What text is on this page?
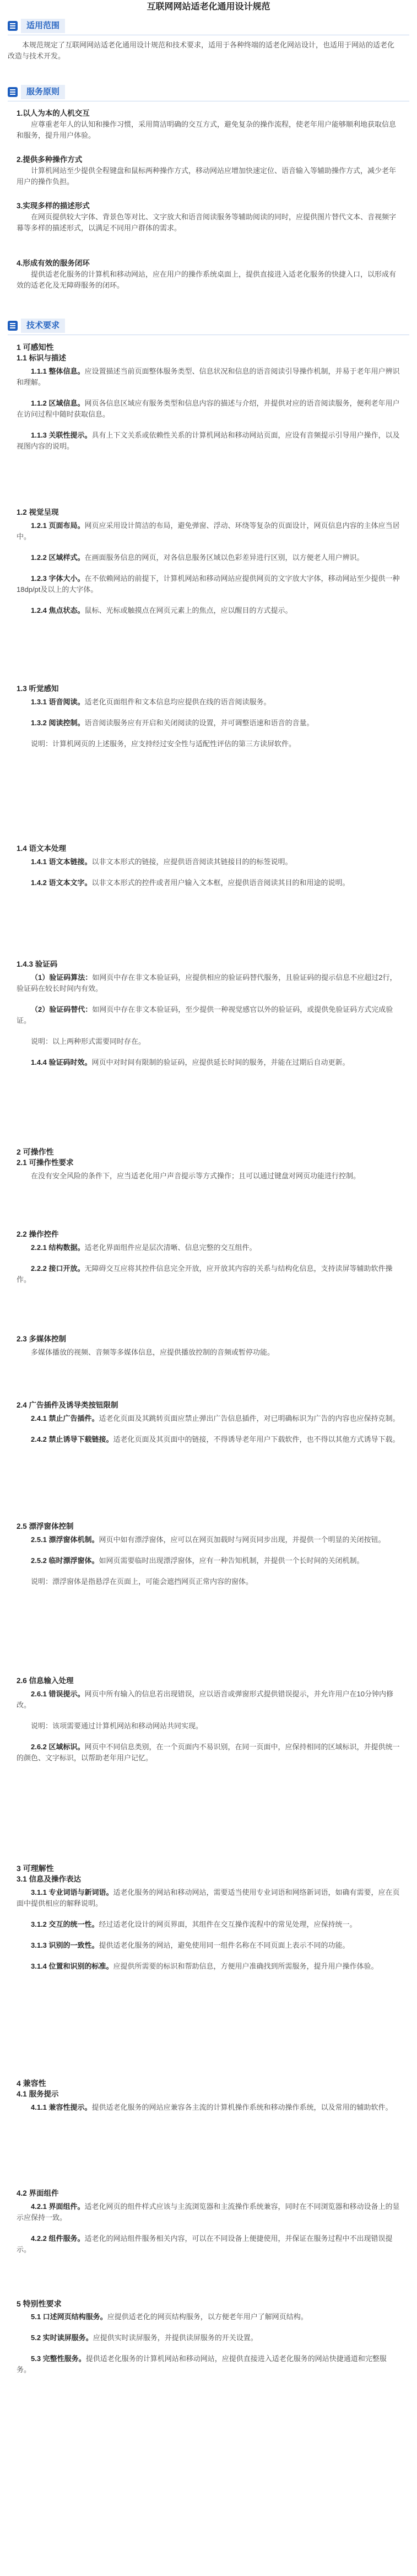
互联网网站适老化通用设计规范
适用范围
本规范规定了互联网网站适老化通用设计规范和技术要求，适用于各种终端的适老化网站设计，也适用于网站的适老化改造与技术开发。
服务原则
1.以人为本的人机交互
应尊重老年人的认知和操作习惯，采用简洁明确的交互方式，避免复杂的操作流程，使老年用户能够顺利地获取信息和服务，提升用户体验。
2.提供多种操作方式
计算机网站至少提供全程键盘和鼠标两种操作方式，移动网站应增加快速定位、语音输入等辅助操作方式，减少老年用户的操作负担。
3.实现多样的描述形式
在网页提供较大字体、背景色等对比、文字放大和语音阅读服务等辅助阅读的同时，应提供图片替代文本、音视频字幕等多样的描述形式，以满足不同用户群体的需求。
4.形成有效的服务闭环
提供适老化服务的计算机和移动网站，应在用户的操作系统桌面上，提供直接进入适老化服务的快捷入口，以形成有效的适老化及无障碍服务的闭环。
技术要求
1 可感知性
1.1 标识与描述
1.1.1 整体信息。应设置描述当前页面整体服务类型、信息状况和信息的语音阅读引导操作机制，并易于老年用户辨识和理解。
1.1.2 区域信息。网页各信息区域应有服务类型和信息内容的描述与介绍，并提供对应的语音阅读服务，便利老年用户在访问过程中随时获取信息。
1.1.3 关联性提示。具有上下文关系或依赖性关系的计算机网站和移动网站页面，应设有音频提示引导用户操作，以及视图内容的说明。
1.2 视觉呈现
1.2.1 页面布局。网页应采用设计简洁的布局，避免弹窗、浮动、环绕等复杂的页面设计，网页信息内容的主体应当居中。
1.2.2 区域样式。在画面服务信息的网页，对各信息服务区域以色彩差异进行区别，以方便老人用户辨识。
1.2.3 字体大小。在不依赖网站的前提下，计算机网站和移动网站应提供网页的文字放大字体，移动网站至少提供一种18dp/pt及以上的大字体。
1.2.4 焦点状态。鼠标、光标或触摸点在网页元素上的焦点，应以醒目的方式提示。
1.3 听觉感知
1.3.1 语音阅读。适老化页面组件和文本信息均应提供在线的语音阅读服务。
1.3.2 阅读控制。语音阅读服务应有开启和关闭阅读的设置，并可调整语速和语音的音量。
说明：计算机网页的上述服务，应支持经过安全性与适配性评估的第三方读屏软件。
1.4 语文本处理
1.4.1 语文本链接。以非文本形式的链接，应提供语音阅读其链接目的的标签说明。
1.4.2 语文本文字。以非文本形式的控件或者用户输入文本框，应提供语音阅读其目的和用途的说明。
1.4.3 验证码
（1）验证码算法：如网页中存在非文本验证码，应提供相应的验证码替代服务，且验证码的提示信息不应超过2行，验证码在较长时间内有效。
（2）验证码替代：如网页中存在非文本验证码，至少提供一种视觉感官以外的验证码，或提供免验证码方式完成验证。
说明：以上两种形式需要同时存在。
1.4.4 验证码时效。网页中对时间有限制的验证码，应提供延长时间的服务，并能在过期后自动更新。
2 可操作性
2.1 可操作性要求
在没有安全风险的条件下，应当适老化用户声音提示等方式操作；且可以通过键盘对网页功能进行控制。
2.2 操作控件
2.2.1 结构数据。适老化界面组件应是层次清晰、信息完整的交互组件。
2.2.2 接口开放。无障碍交互应将其控件信息完全开放，应开放其内容的关系与结构化信息，支持读屏等辅助软件操作。
2.3 多媒体控制
多媒体播放的视频、音频等多媒体信息，应提供播放控制的音频或暂停功能。
2.4 广告插件及诱导类按钮限制
2.4.1 禁止广告插件。适老化页面及其跳转页面应禁止弹出广告信息插件，对已明确标识为广告的内容也应保持克制。
2.4.2 禁止诱导下载链接。适老化页面及其页面中的链接，不得诱导老年用户下载软件，也不得以其他方式诱导下载。
2.5 漂浮窗体控制
2.5.1 漂浮窗体机制。网页中如有漂浮窗体，应可以在网页加载时与网页同步出现，并提供一个明显的关闭按钮。
2.5.2 临时漂浮窗体。如网页需要临时出现漂浮窗体，应有一种告知机制，并提供一个长时间的关闭机制。
说明：漂浮窗体是指悬浮在页面上，可能会遮挡网页正常内容的窗体。
2.6 信息输入处理
2.6.1 错误提示。网页中所有输入的信息若出现错误，应以语音或弹窗形式提供错误提示，并允许用户在10分钟内修改。
说明：该项需要通过计算机网站和移动网站共同实现。
2.6.2 区域标识。网页中不同信息类别，在一个页面内不易识别，在同一页面中，应保持相同的区域标识，并提供统一的颜色、文字标识，以帮助老年用户记忆。
3 可理解性
3.1 信息及操作表达
3.1.1 专业词语与新词语。适老化服务的网站和移动网站，需要适当使用专业词语和网络新词语，如确有需要，应在页面中提供相应的解释说明。
3.1.2 交互的统一性。经过适老化设计的网页界面，其组件在交互操作流程中的常见处理，应保持统一。
3.1.3 识别的一致性。提供适老化服务的网站，避免使用同一组件名称在不同页面上表示不同的功能。
3.1.4 位置和识别的标准。应提供所需要的标识和帮助信息，方便用户准确找到所需服务，提升用户操作体验。
4 兼容性
4.1 服务提示
4.1.1 兼容性提示。提供适老化服务的网站应兼容各主流的计算机操作系统和移动操作系统，以及常用的辅助软件。
4.2 界面组件
4.2.1 界面组件。适老化网页的组件样式应该与主流浏览器和主流操作系统兼容，同时在不同浏览器和移动设备上的显示应保持一致。
4.2.2 组件服务。适老化的网站组件服务相关内容，可以在不同设备上便捷使用，并保证在服务过程中不出现错误提示。
5 特别性要求
5.1 口述网页结构服务。应提供适老化的网页结构服务，以方便老年用户了解网页结构。
5.2 实时读屏服务。应提供实时读屏服务，并提供读屏服务的开关设置。
5.3 完整性服务。提供适老化服务的计算机网站和移动网站，应提供直接进入适老化服务的网站快捷通道和完整服务。
